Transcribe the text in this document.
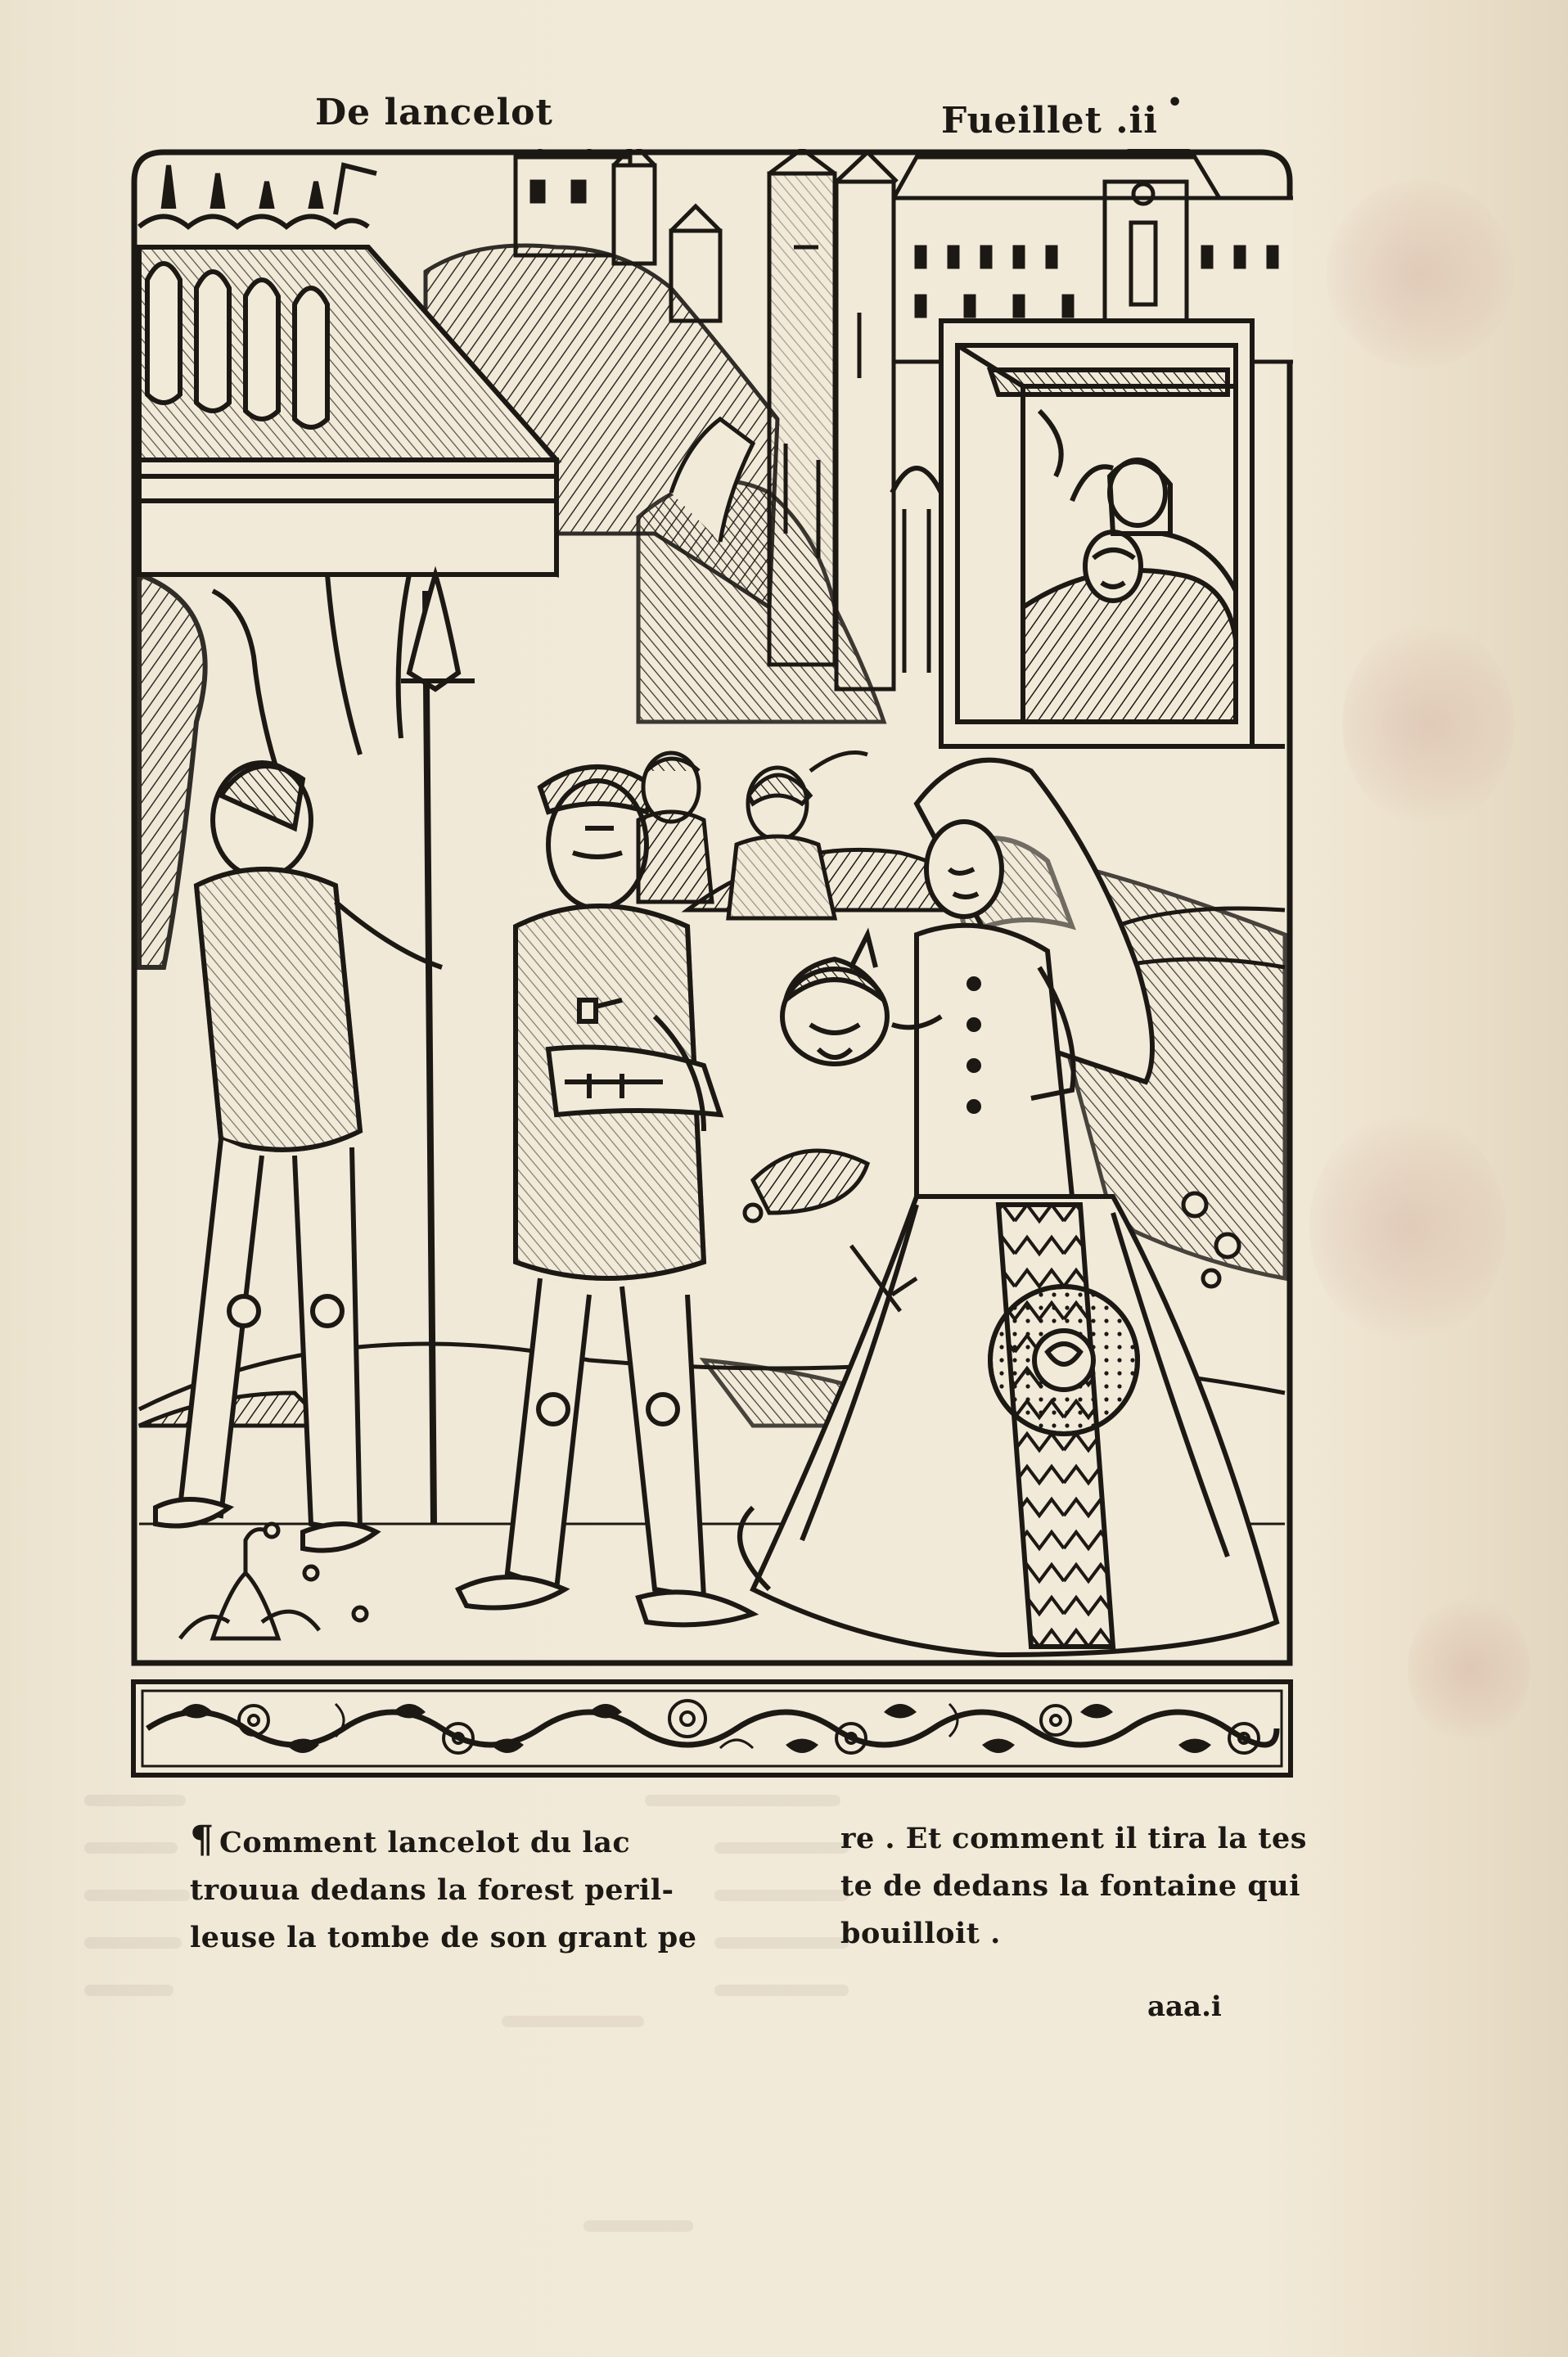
De lancelot	Fueillet .ii •
¶ Comment lancelot du lac
trouua dedans la forest peril-
leuse la tombe de son grant pe
re . Et comment il tira la tes
te de dedans la fontaine qui
bouilloit .
aaa.i
